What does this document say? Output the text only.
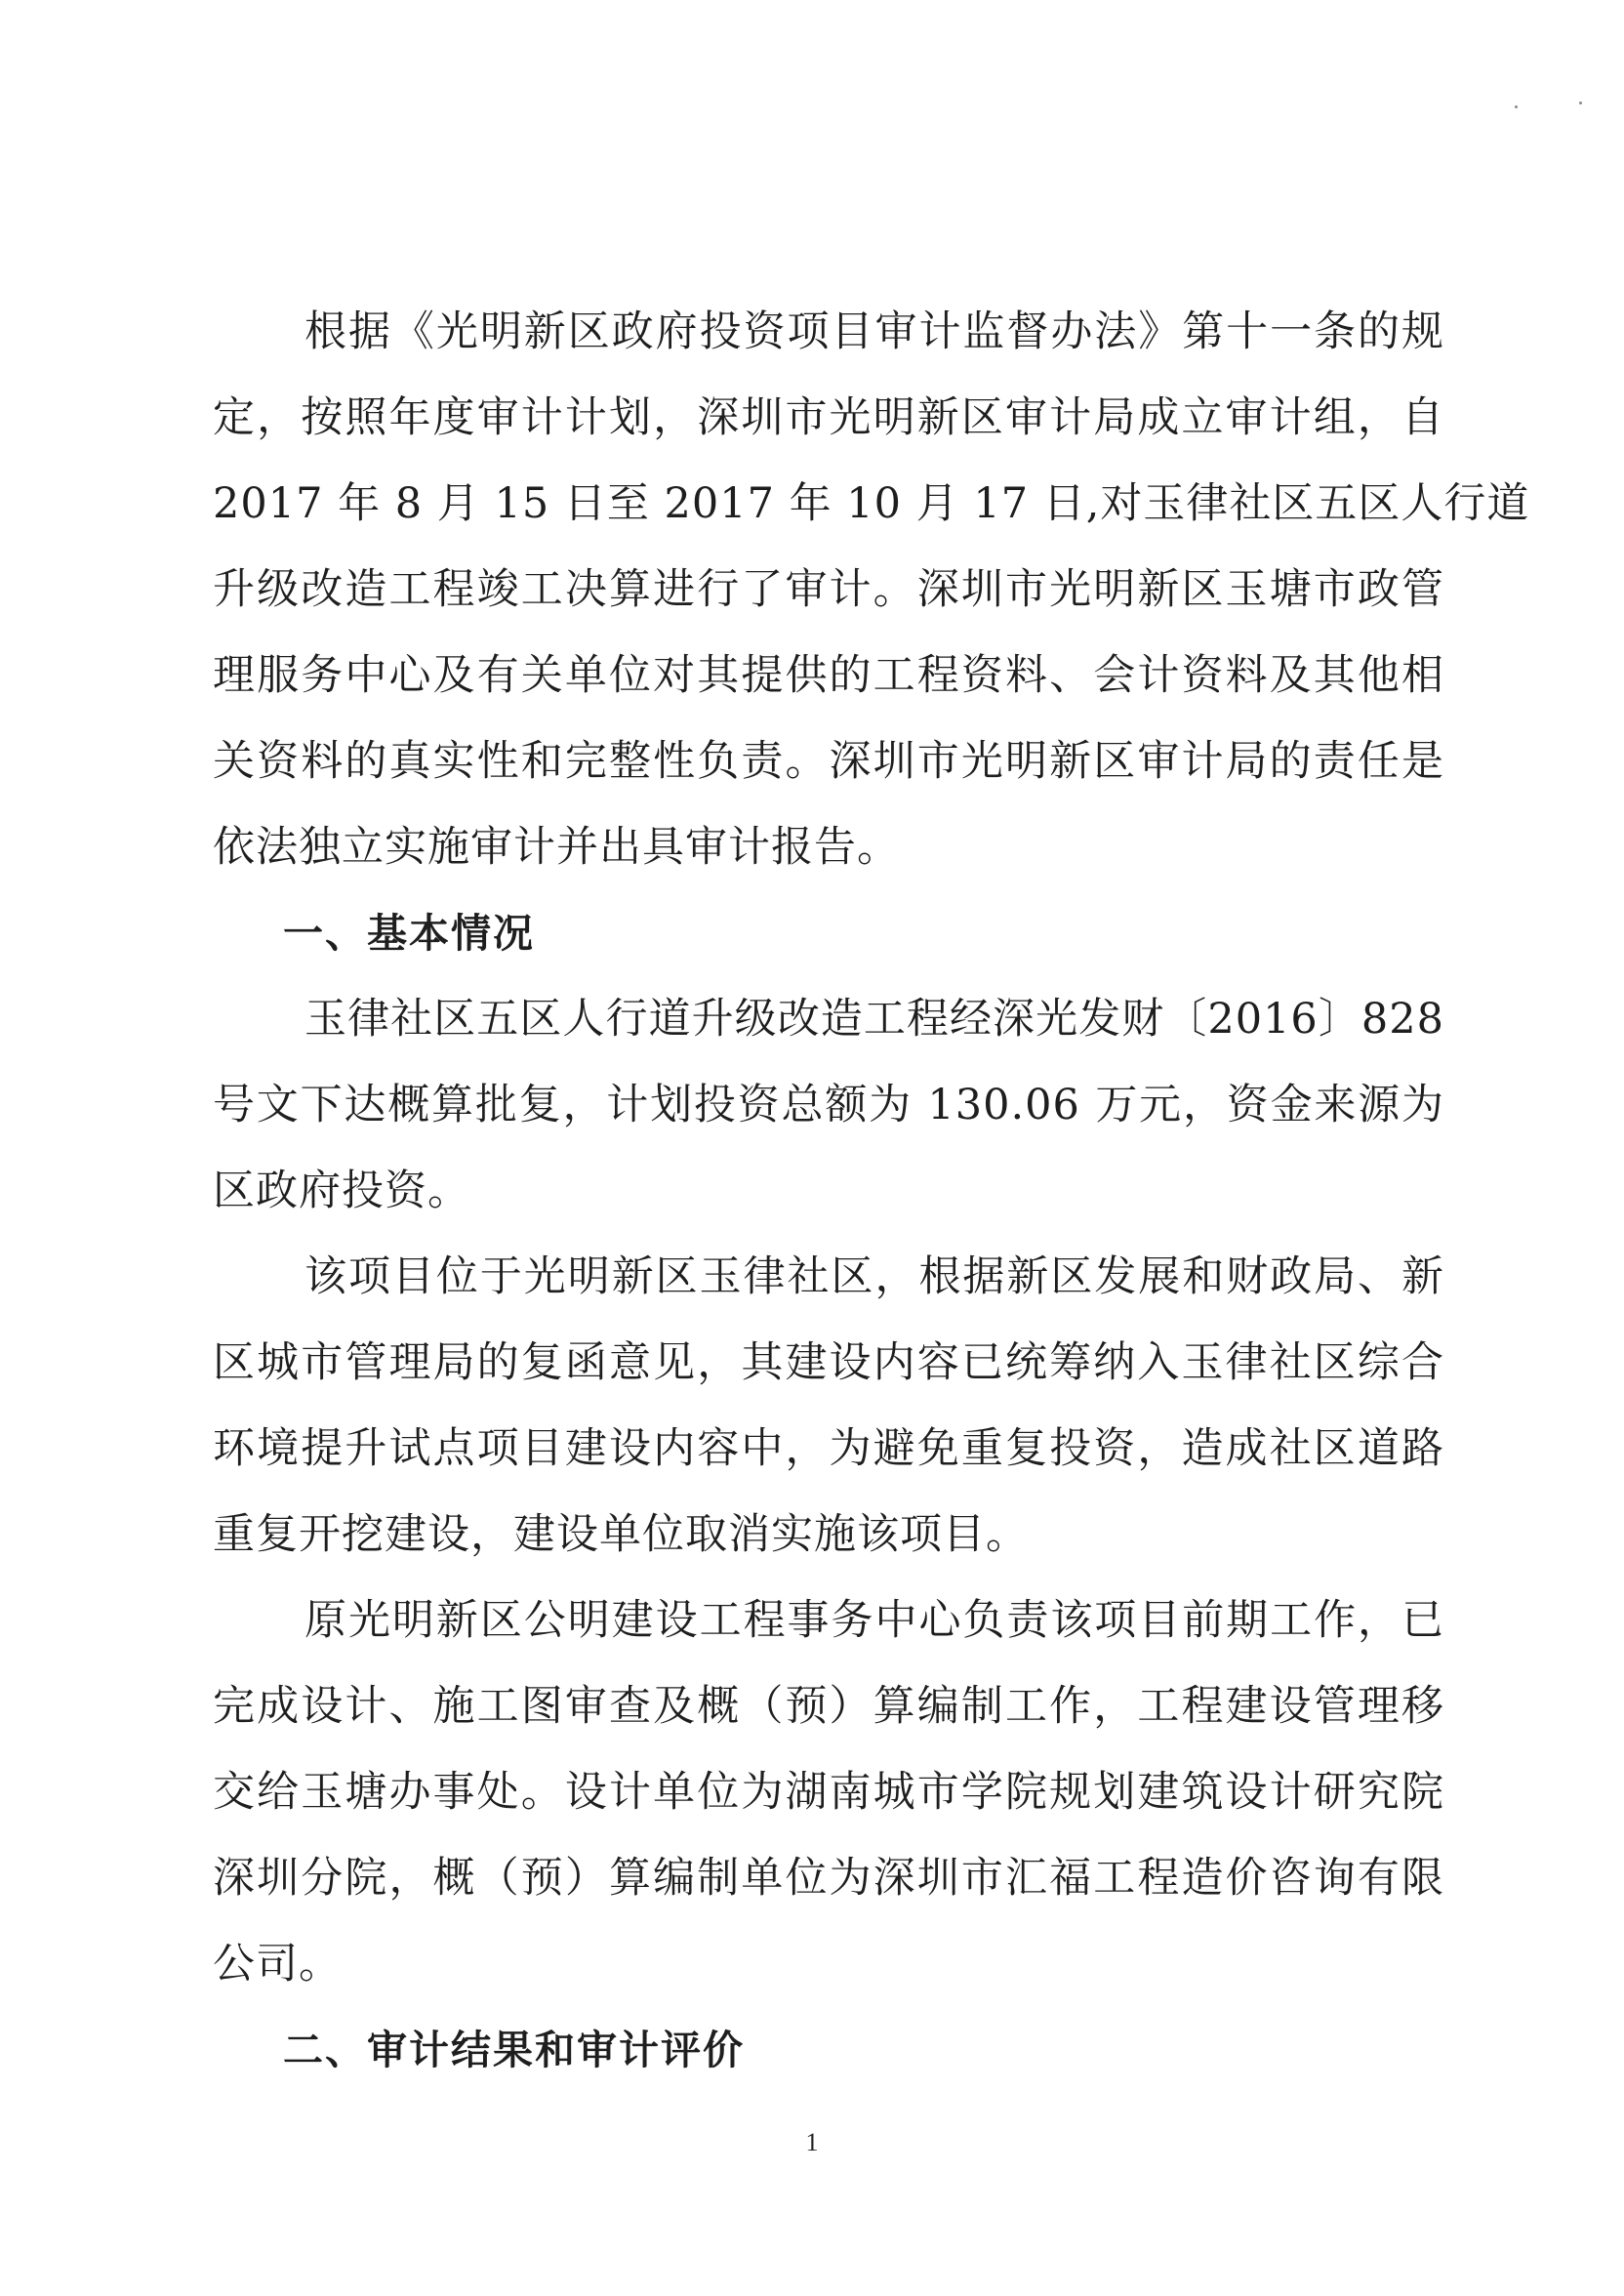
根据《光明新区政府投资项目审计监督办法》第十一条的规
定，按照年度审计计划，深圳市光明新区审计局成立审计组，自
2017 年 8 月 15 日至 2017 年 10 月 17 日,对玉律社区五区人行道
升级改造工程竣工决算进行了审计。深圳市光明新区玉塘市政管
理服务中心及有关单位对其提供的工程资料、会计资料及其他相
关资料的真实性和完整性负责。深圳市光明新区审计局的责任是
依法独立实施审计并出具审计报告。
一、基本情况
玉律社区五区人行道升级改造工程经深光发财〔2016〕828
号文下达概算批复，计划投资总额为 130.06 万元，资金来源为
区政府投资。
该项目位于光明新区玉律社区，根据新区发展和财政局、新
区城市管理局的复函意见，其建设内容已统筹纳入玉律社区综合
环境提升试点项目建设内容中，为避免重复投资，造成社区道路
重复开挖建设，建设单位取消实施该项目。
原光明新区公明建设工程事务中心负责该项目前期工作，已
完成设计、施工图审查及概（预）算编制工作，工程建设管理移
交给玉塘办事处。设计单位为湖南城市学院规划建筑设计研究院
深圳分院，概（预）算编制单位为深圳市汇福工程造价咨询有限
公司。
二、审计结果和审计评价
1
